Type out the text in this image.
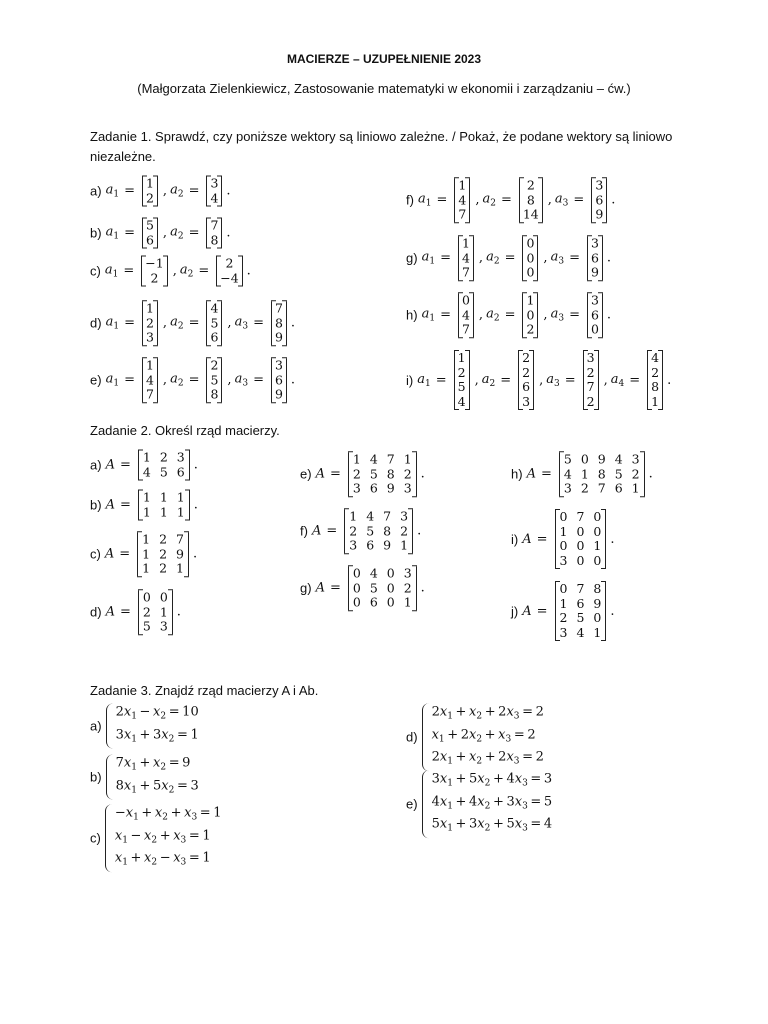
MACIERZE – UZUPEŁNIENIE 2023
(Małgorzata Zielenkiewicz, Zastosowanie matematyki w ekonomii i zarządzaniu – ćw.)
Zadanie 1. Sprawdź, czy poniższe wektory są liniowo zależne. / Pokaż, że podane wektory są liniowo niezależne.
a) $a_1$ =
1
2 , $a_2$ =
3
4 .
b) $a_1$ =
5
6 , $a_2$ =
7
8 .
c) $a_1$ =
−1
2	, $a_2$ =
2
−4 .
d) $a_1$ =
1
2
3
, $a_2$ =
4
5
6
, $a_3$ =
7
8
9
.
e) $a_1$ =
1
4
7
, $a_2$ =
2
5
8
, $a_3$ =
3
6
9
.
f) $a_1$ =
1
4
7
, $a_2$ =
2
8
14
, $a_3$ =
3
6
9
.
g) $a_1$ =
1
4
7
, $a_2$ =
0
0
0
, $a_3$ =
3
6
9
.
h) $a_1$ =
0
4
7
, $a_2$ =
1
0
2
, $a_3$ =
3
6
0
.
i) $a_1$ =
1
2
5
4
, $a_2$ =
2
2
6
3
, $a_3$ =
3
2
7
2
, $a_4$ =
4
2
8
1
.
Zadanie 2. Określ rząd macierzy.
a) A =
1 2 3
4 5 6 .
b) A =
1 1 1
1 1 1 .
c) A =
1 2 7
1 2 9
1 2 1
.
d) A =
0 0
2 1
5 3
.
e) A =
1 4 7 1
2 5 8 2
3 6 9 3
.
f) A =
1 4 7 3
2 5 8 2
3 6 9 1
.
g) A =
0 4 0 3
0 5 0 2
0 6 0 1
.
h) A =
5 0 9 4 3
4 1 8 5 2
3 2 7 6 1
.
i) A =
0 7 0
1 0 0
0 0 1
3 0 0
.
j) A =
0 7 8
1 6 9
2 5 0
3 4 1
.
Zadanie 3. Znajdź rząd macierzy A i Ab.
a)
$2x_1 - x_2 = 10$
$3x_1 + 3x_2 = 1$
b)
$7x_1 + x_2 = 9$
$8x_1 + 5x_2 = 3$
c)
$-x_1 + x_2 + x_3 = 1$
$x_1 - x_2 + x_3 = 1$
$x_1 + x_2 - x_3 = 1$
d)
$2x_1 + x_2 + 2x_3 = 2$
$x_1 + 2x_2 + x_3 = 2$
$2x_1 + x_2 + 2x_3 = 2$
e)
$3x_1 + 5x_2 + 4x_3 = 3$
$4x_1 + 4x_2 + 3x_3 = 5$
$5x_1 + 3x_2 + 5x_3 = 4$
